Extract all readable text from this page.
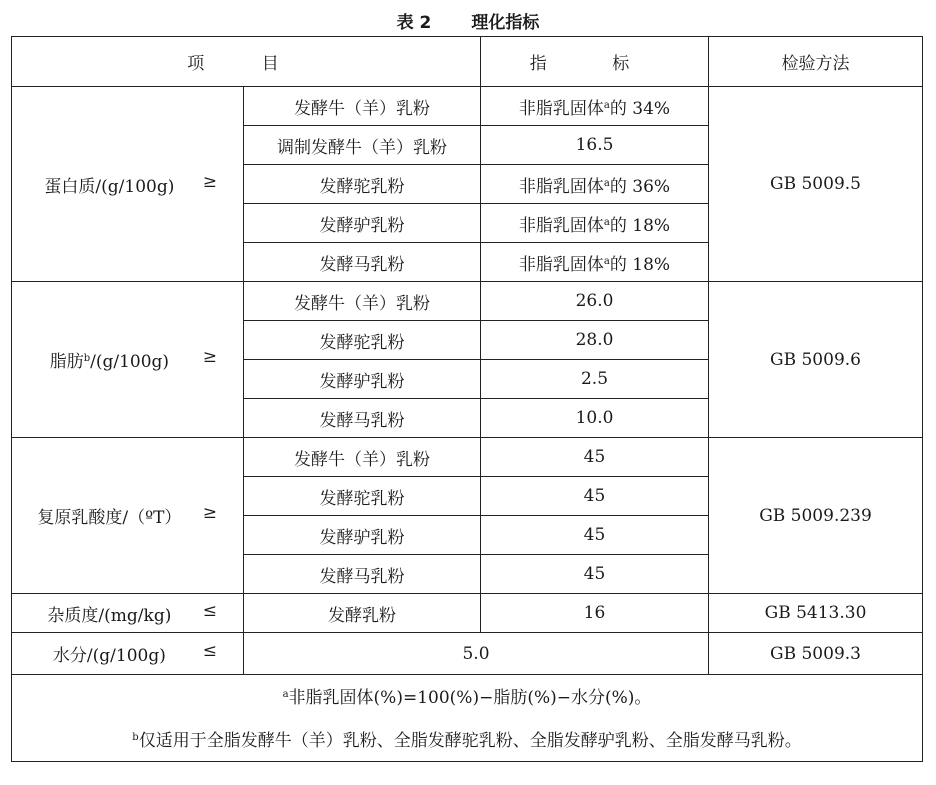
表 2 理化指标
项 目		指 标	检验方法
蛋白质/(g/100g) ≥	发酵牛（羊）乳粉	非脂乳固体$^a$的 34%	GB 5009.5
	调制发酵牛（羊）乳粉	16.5	
	发酵驼乳粉	非脂乳固体$^a$的 36%	
	发酵驴乳粉	非脂乳固体$^a$的 18%	
	发酵马乳粉	非脂乳固体$^a$的 18%	
脂肪$^b$/(g/100g) ≥	发酵牛（羊）乳粉	26.0	GB 5009.6
	发酵驼乳粉	28.0	
	发酵驴乳粉	2.5	
	发酵马乳粉	10.0	
复原乳酸度/（ºT） ≥	发酵牛（羊）乳粉	45	GB 5009.239
	发酵驼乳粉	45	
	发酵驴乳粉	45	
	发酵马乳粉	45	
杂质度/(mg/kg) ≤	发酵乳粉	16	GB 5413.30
水分/(g/100g) ≤	5.0		GB 5009.3

$^a$非脂乳固体(%)=100(%)−脂肪(%)−水分(%)。
$^b$仅适用于全脂发酵牛（羊）乳粉、全脂发酵驼乳粉、全脂发酵驴乳粉、全脂发酵马乳粉。			
